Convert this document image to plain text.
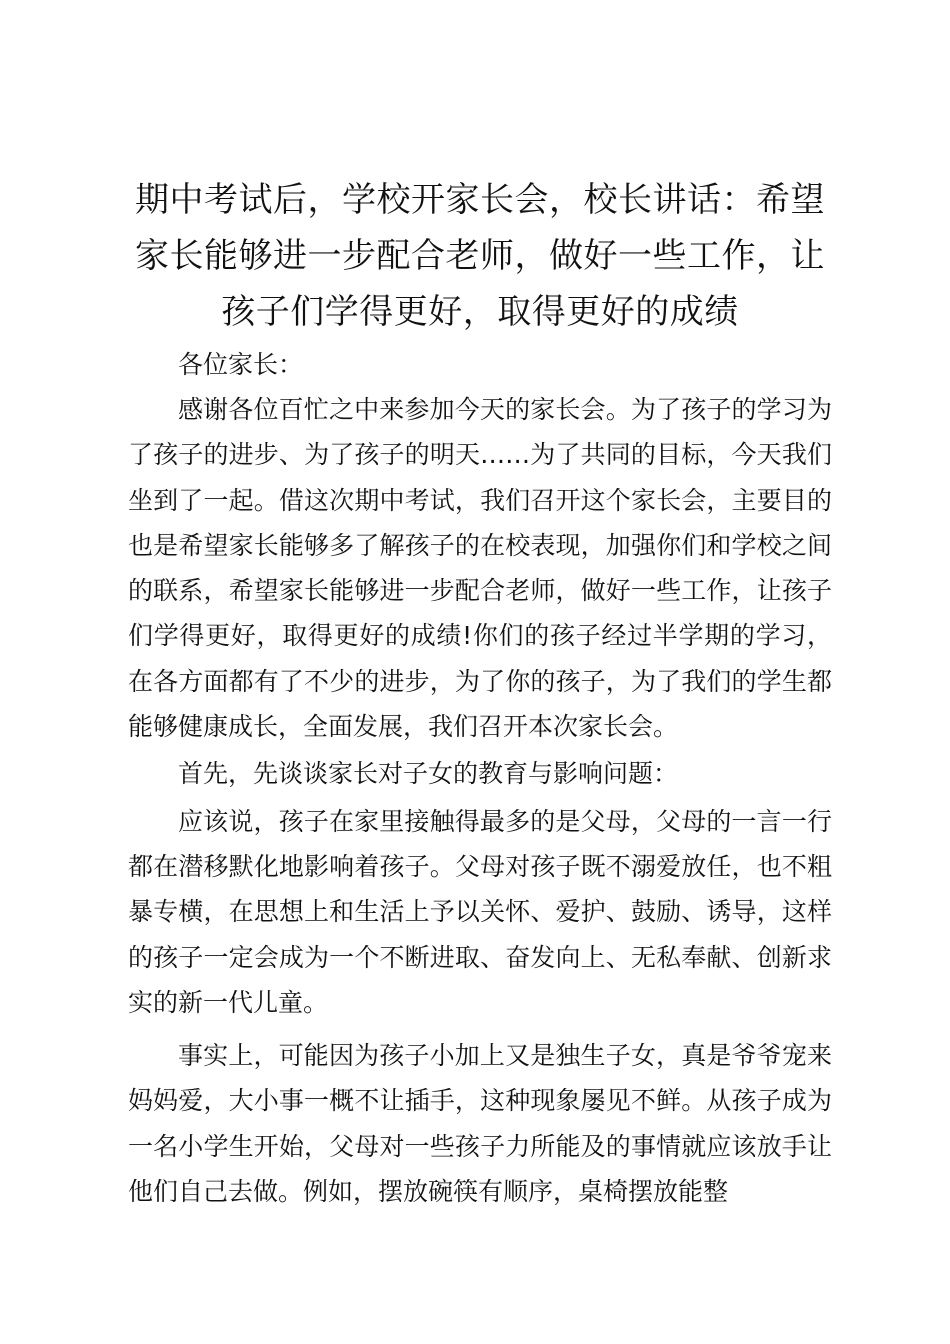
期中考试后，学校开家长会，校长讲话：希望
家长能够进一步配合老师，做好一些工作，让
孩子们学得更好，取得更好的成绩

各位家长：

感谢各位百忙之中来参加今天的家长会。为了孩子的学习为了孩子的进步、为了孩子的明天……为了共同的目标，今天我们坐到了一起。借这次期中考试，我们召开这个家长会，主要目的也是希望家长能够多了解孩子的在校表现，加强你们和学校之间的联系，希望家长能够进一步配合老师，做好一些工作，让孩子们学得更好，取得更好的成绩!你们的孩子经过半学期的学习，在各方面都有了不少的进步，为了你的孩子，为了我们的学生都能够健康成长，全面发展，我们召开本次家长会。

首先，先谈谈家长对子女的教育与影响问题：

应该说，孩子在家里接触得最多的是父母，父母的一言一行都在潜移默化地影响着孩子。父母对孩子既不溺爱放任，也不粗暴专横，在思想上和生活上予以关怀、爱护、鼓励、诱导，这样的孩子一定会成为一个不断进取、奋发向上、无私奉献、创新求实的新一代儿童。

事实上，可能因为孩子小加上又是独生子女，真是爷爷宠来妈妈爱，大小事一概不让插手，这种现象屡见不鲜。从孩子成为一名小学生开始，父母对一些孩子力所能及的事情就应该放手让他们自己去做。例如，摆放碗筷有顺序，桌椅摆放能整
